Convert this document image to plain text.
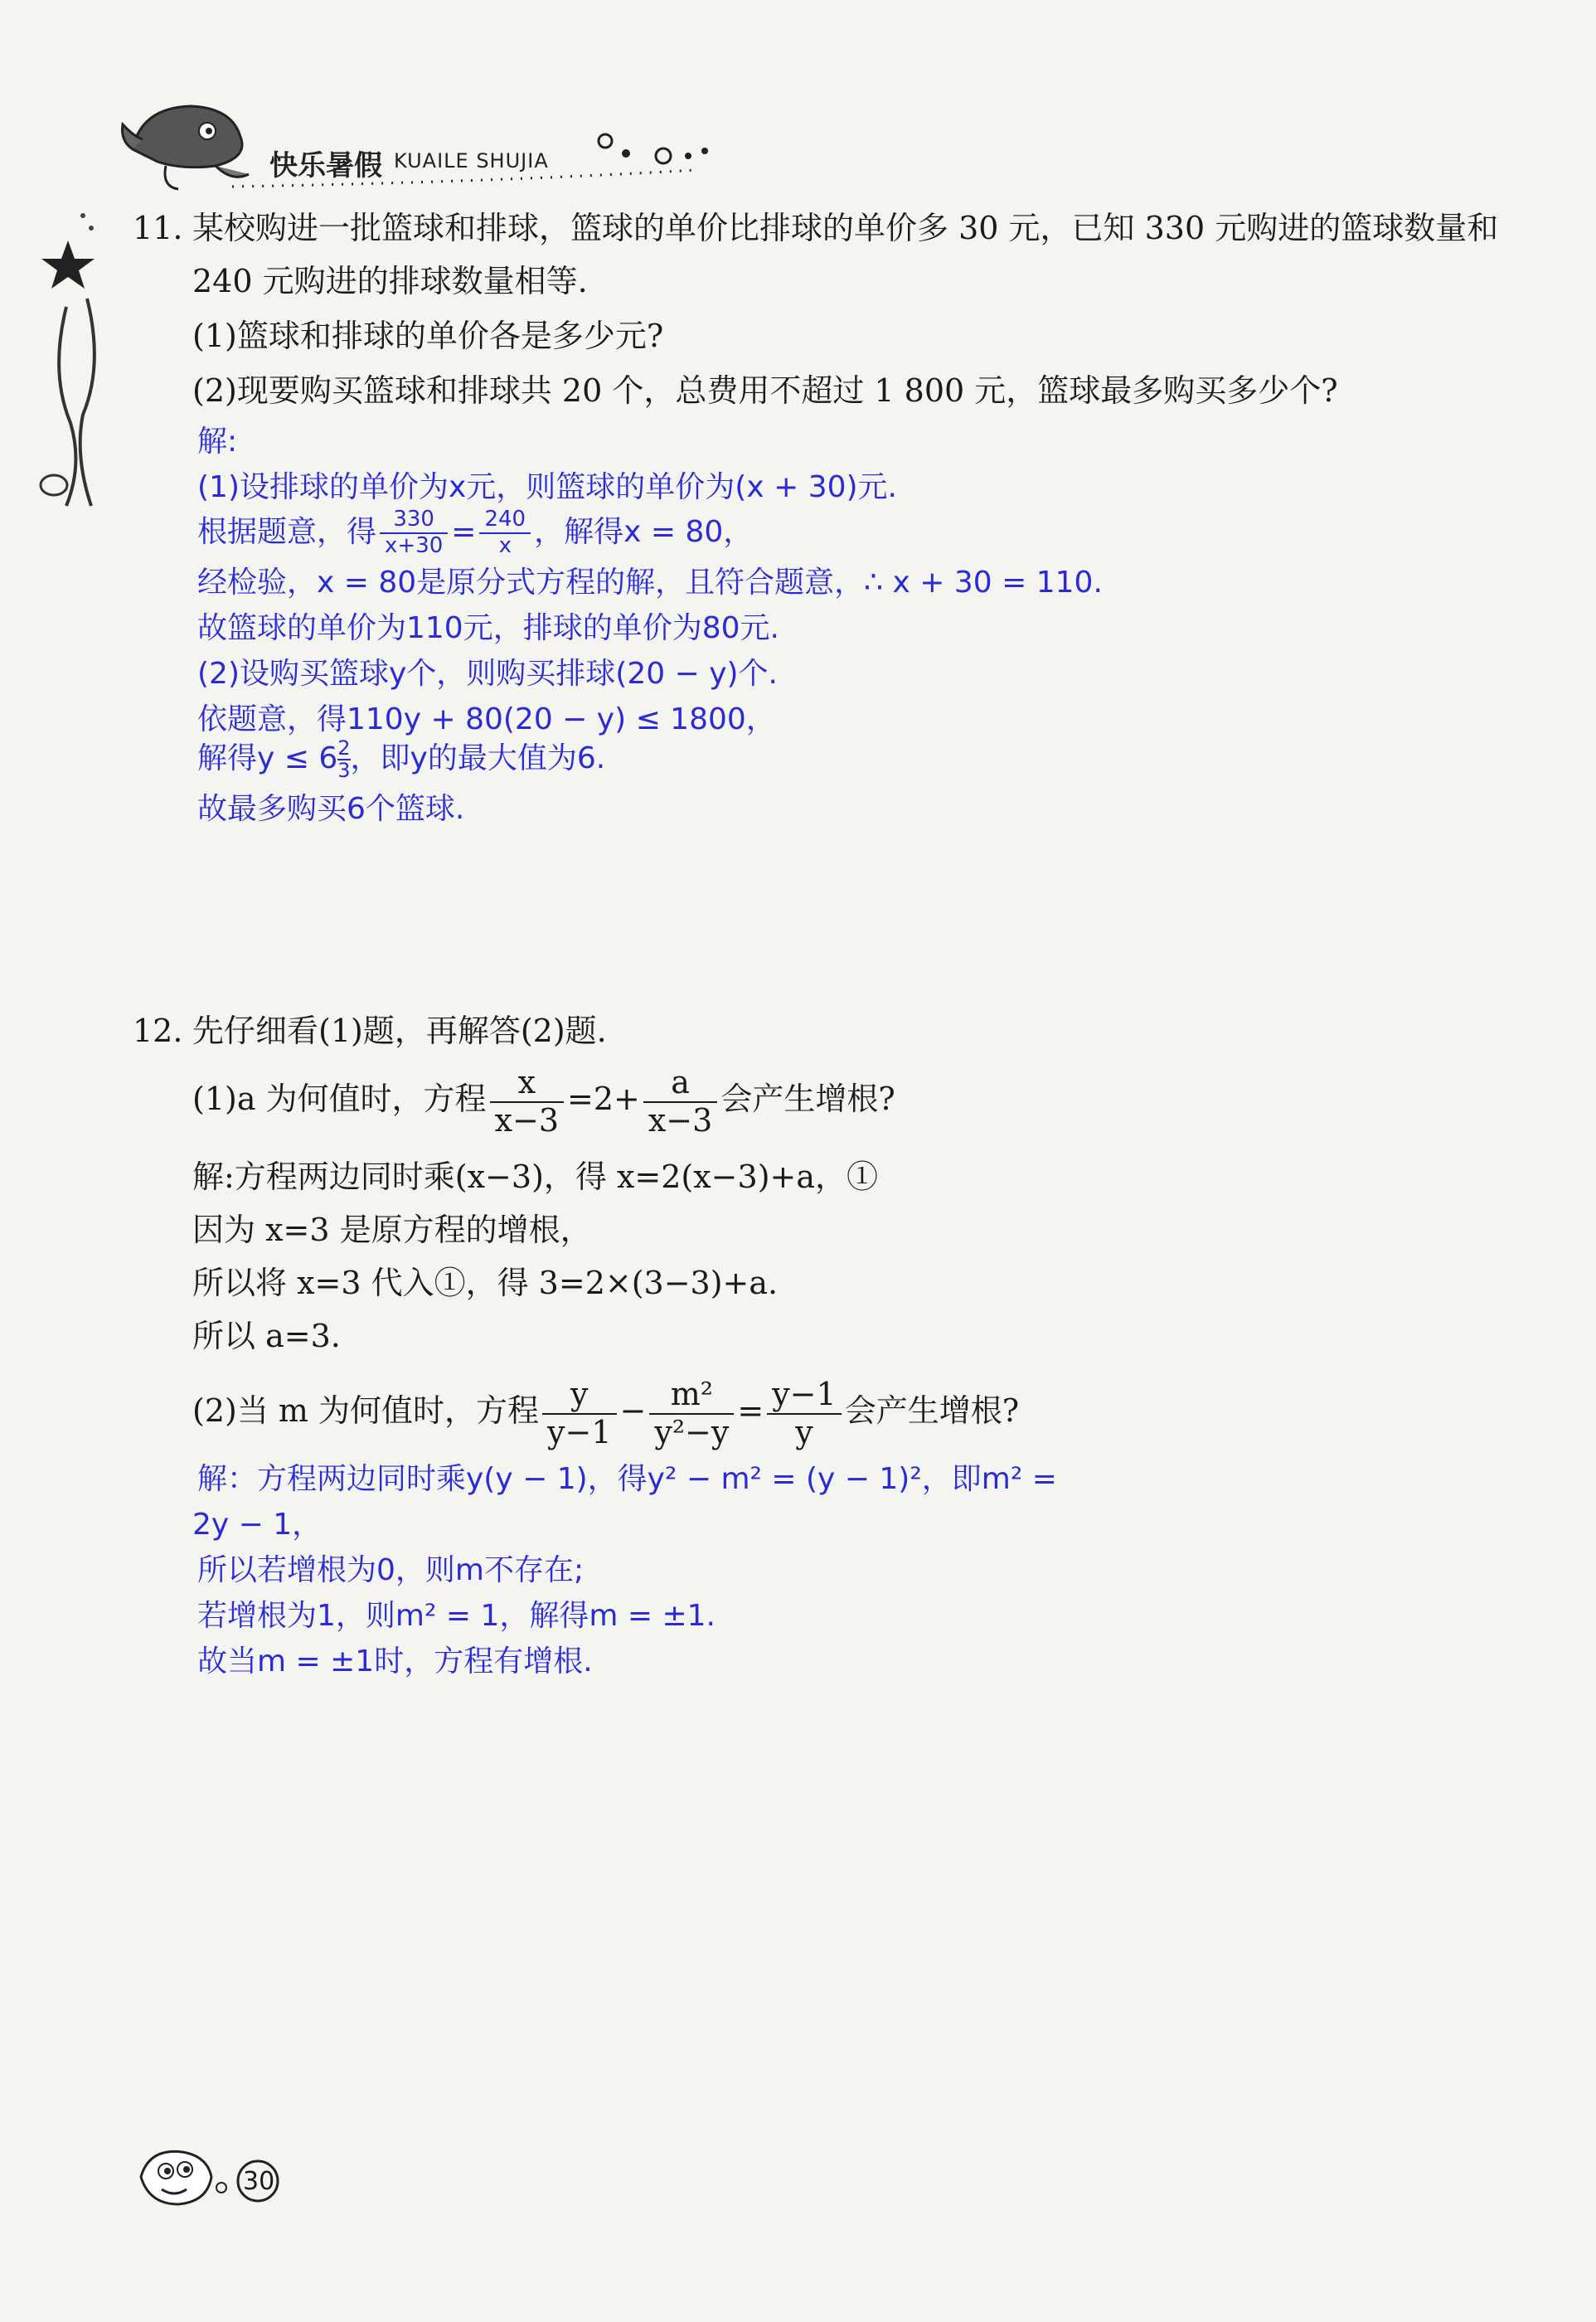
快乐暑假 KUAILE SHUJIA
11. 某校购进一批篮球和排球，篮球的单价比排球的单价多 30 元，已知 330 元购进的篮球数量和
240 元购进的排球数量相等.
(1)篮球和排球的单价各是多少元?
(2)现要购买篮球和排球共 20 个，总费用不超过 1 800 元，篮球最多购买多少个?
解:
(1)设排球的单价为x元，则篮球的单价为(x + 30)元.
根据题意，得 $\frac{330}{x+30} = \frac{240}{x}$ ，解得x = 80，
经检验，x = 80是原分式方程的解，且符合题意，∴ x + 30 = 110.
故篮球的单价为110元，排球的单价为80元.
(2)设购买篮球y个，则购买排球(20 − y)个.
依题意，得110y + 80(20 − y) ≤ 1800，
解得$y \le 6 \frac{2}{3}$ ，即y的最大值为6.
故最多购买6个篮球.
12. 先仔细看(1)题，再解答(2)题.
(1)a 为何值时，方程 $\frac{x}{x-3} =2+ \frac{a}{x-3}$ 会产生增根?
解:方程两边同时乘(x−3)，得 x=2(x−3)+a，①
因为 x=3 是原方程的增根，
所以将 x=3 代入①，得 3=2×(3−3)+a.
所以 a=3.
(2)当 m 为何值时，方程 $\frac{y}{y-1} - \frac{\text{m²}}{\text{y²−y}} = \frac{y-1}{y}$ 会产生增根?
解：方程两边同时乘y(y − 1)，得y² − m² = (y − 1)²，即m² =
2y − 1，
所以若增根为0，则m不存在;
若增根为1，则m² = 1，解得m = ±1.
故当m = ±1时，方程有增根.
30
